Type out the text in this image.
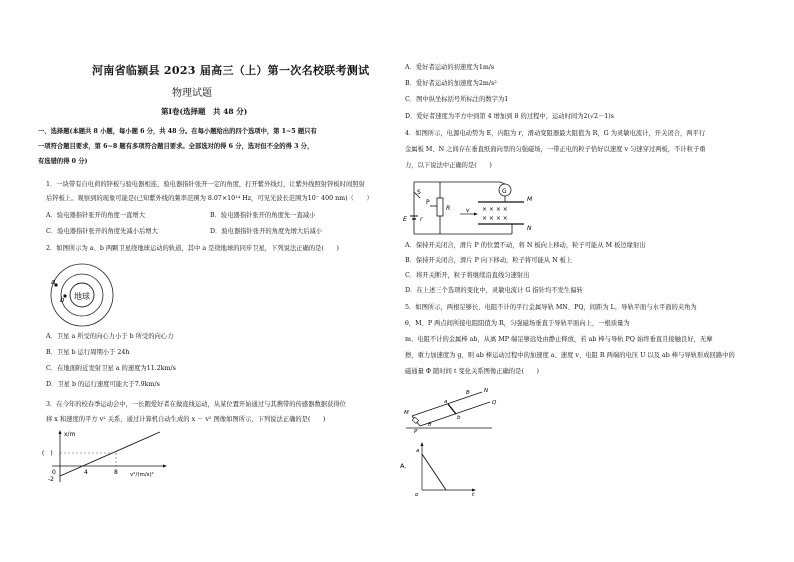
河南省临颍县 2023 届高三（上）第一次名校联考测试
物理试题
第Ⅰ卷(选择题　共 48 分)
一、选择题(本题共 8 小题，每小题 6 分，共 48 分。在每小题给出的四个选项中，第 1~5 题只有
一项符合题目要求，第 6~8 题有多项符合题目要求。全部选对的得 6 分，选对但不全的得 3 分，
有选错的得 0 分)
1．一块带有自电荷的锌板与验电器相连，验电器指针张开一定的角度，打开紫外线灯，让紫外线照射锌板时间照射
后锌板上。观察到的现象可能是(已知紫外线的频率范围为 8.07×10¹⁴ Hz，可见光波长范围为10⁻ 400 nm)（　　）
A．验电器指针张开的角度一直增大	B．验电器指针张开的角度先一直减小
C．验电器指针张开的角度先减小后增大	D．验电器指针张开的角度先增大后减小
2．如图所示为 a、b 两颗卫星绕地球运动的轨道，其中 a 是绕地球的同步卫星，下列说法正确的是(　　)
地球
a
b
A．卫星 a 所受的向心力小于 b 所受的向心力
B．卫星 b 运行周期小于 24h
C．在地面附近发射卫星 a 的速度为11.2km/s
D．卫星 b 的运行速度可能大于7.9km/s
3．在今年的校春季运动会中，一长跑爱好者在做直线运动，从某位置开始通过与其携带的传感器数据获得位
移 x 和速度的平方 v² 关系，通过计算机自动生成的 x － v² 图像如图所示，下列说法正确的是(　　)
x/m
v²/(m/s)²
(　)
4	8
0
-2
A．爱好者运动的初速度为1m/s
B．爱好者运动的加速度为2m/s²
C．图中纵坐标括号所标注的数字为1
D．爱好者速度为平方中到第 4 增加到 8 的过程中，运动时间为2(√2－1)s
4．如图所示，电源电动势为 E，内阻为 r，滑动变阻器最大阻值为 R，G 为灵敏电流计，开关闭合，两平行
金属板 M、N 之间存在垂直纸面向里的匀强磁场，一带正电的粒子恰好以速度 v 匀速穿过两板，不计粒子重
力，以下说法中正确的是(　　)
S
E r
R
P
G
M
N
× × × ×
× × × ×
v
A．保持开关闭合，滑片 P 的位置不动，将 N 板向上移动，粒子可能从 M 板边缘射出
B．保持开关闭合，滑片 P 向下移动，粒子将可能从 N 板上
C．将开关断开，粒子将继续沿直线匀速射出
D．在上述三个选项的变化中，灵敏电流计 G 指针均不发生偏转
5．如图所示，两根足够长、电阻不计的平行金属导轨 MN、PQ，间距为 L，导轨平面与水平面的夹角为
θ，M、P 两点间所接电阻阻值为 R，匀强磁场垂直于导轨平面向上，一根质量为
m、电阻不计的金属棒 ab，从离 MP 端足够远处由静止释放，若 ab 棒与导轨 PQ 始终垂直且接触良好，无摩
擦，重力加速度为 g，则 ab 棒运动过程中的加速度 a、速度 v、电阻 R 两端的电压 U 以及 ab 棒与导轨形成回路中的
磁通量 Φ 随时间 t 变化关系图像正确的是(　　)
M
P
N
Q
a
b
B
θ
A．
a
t
o
